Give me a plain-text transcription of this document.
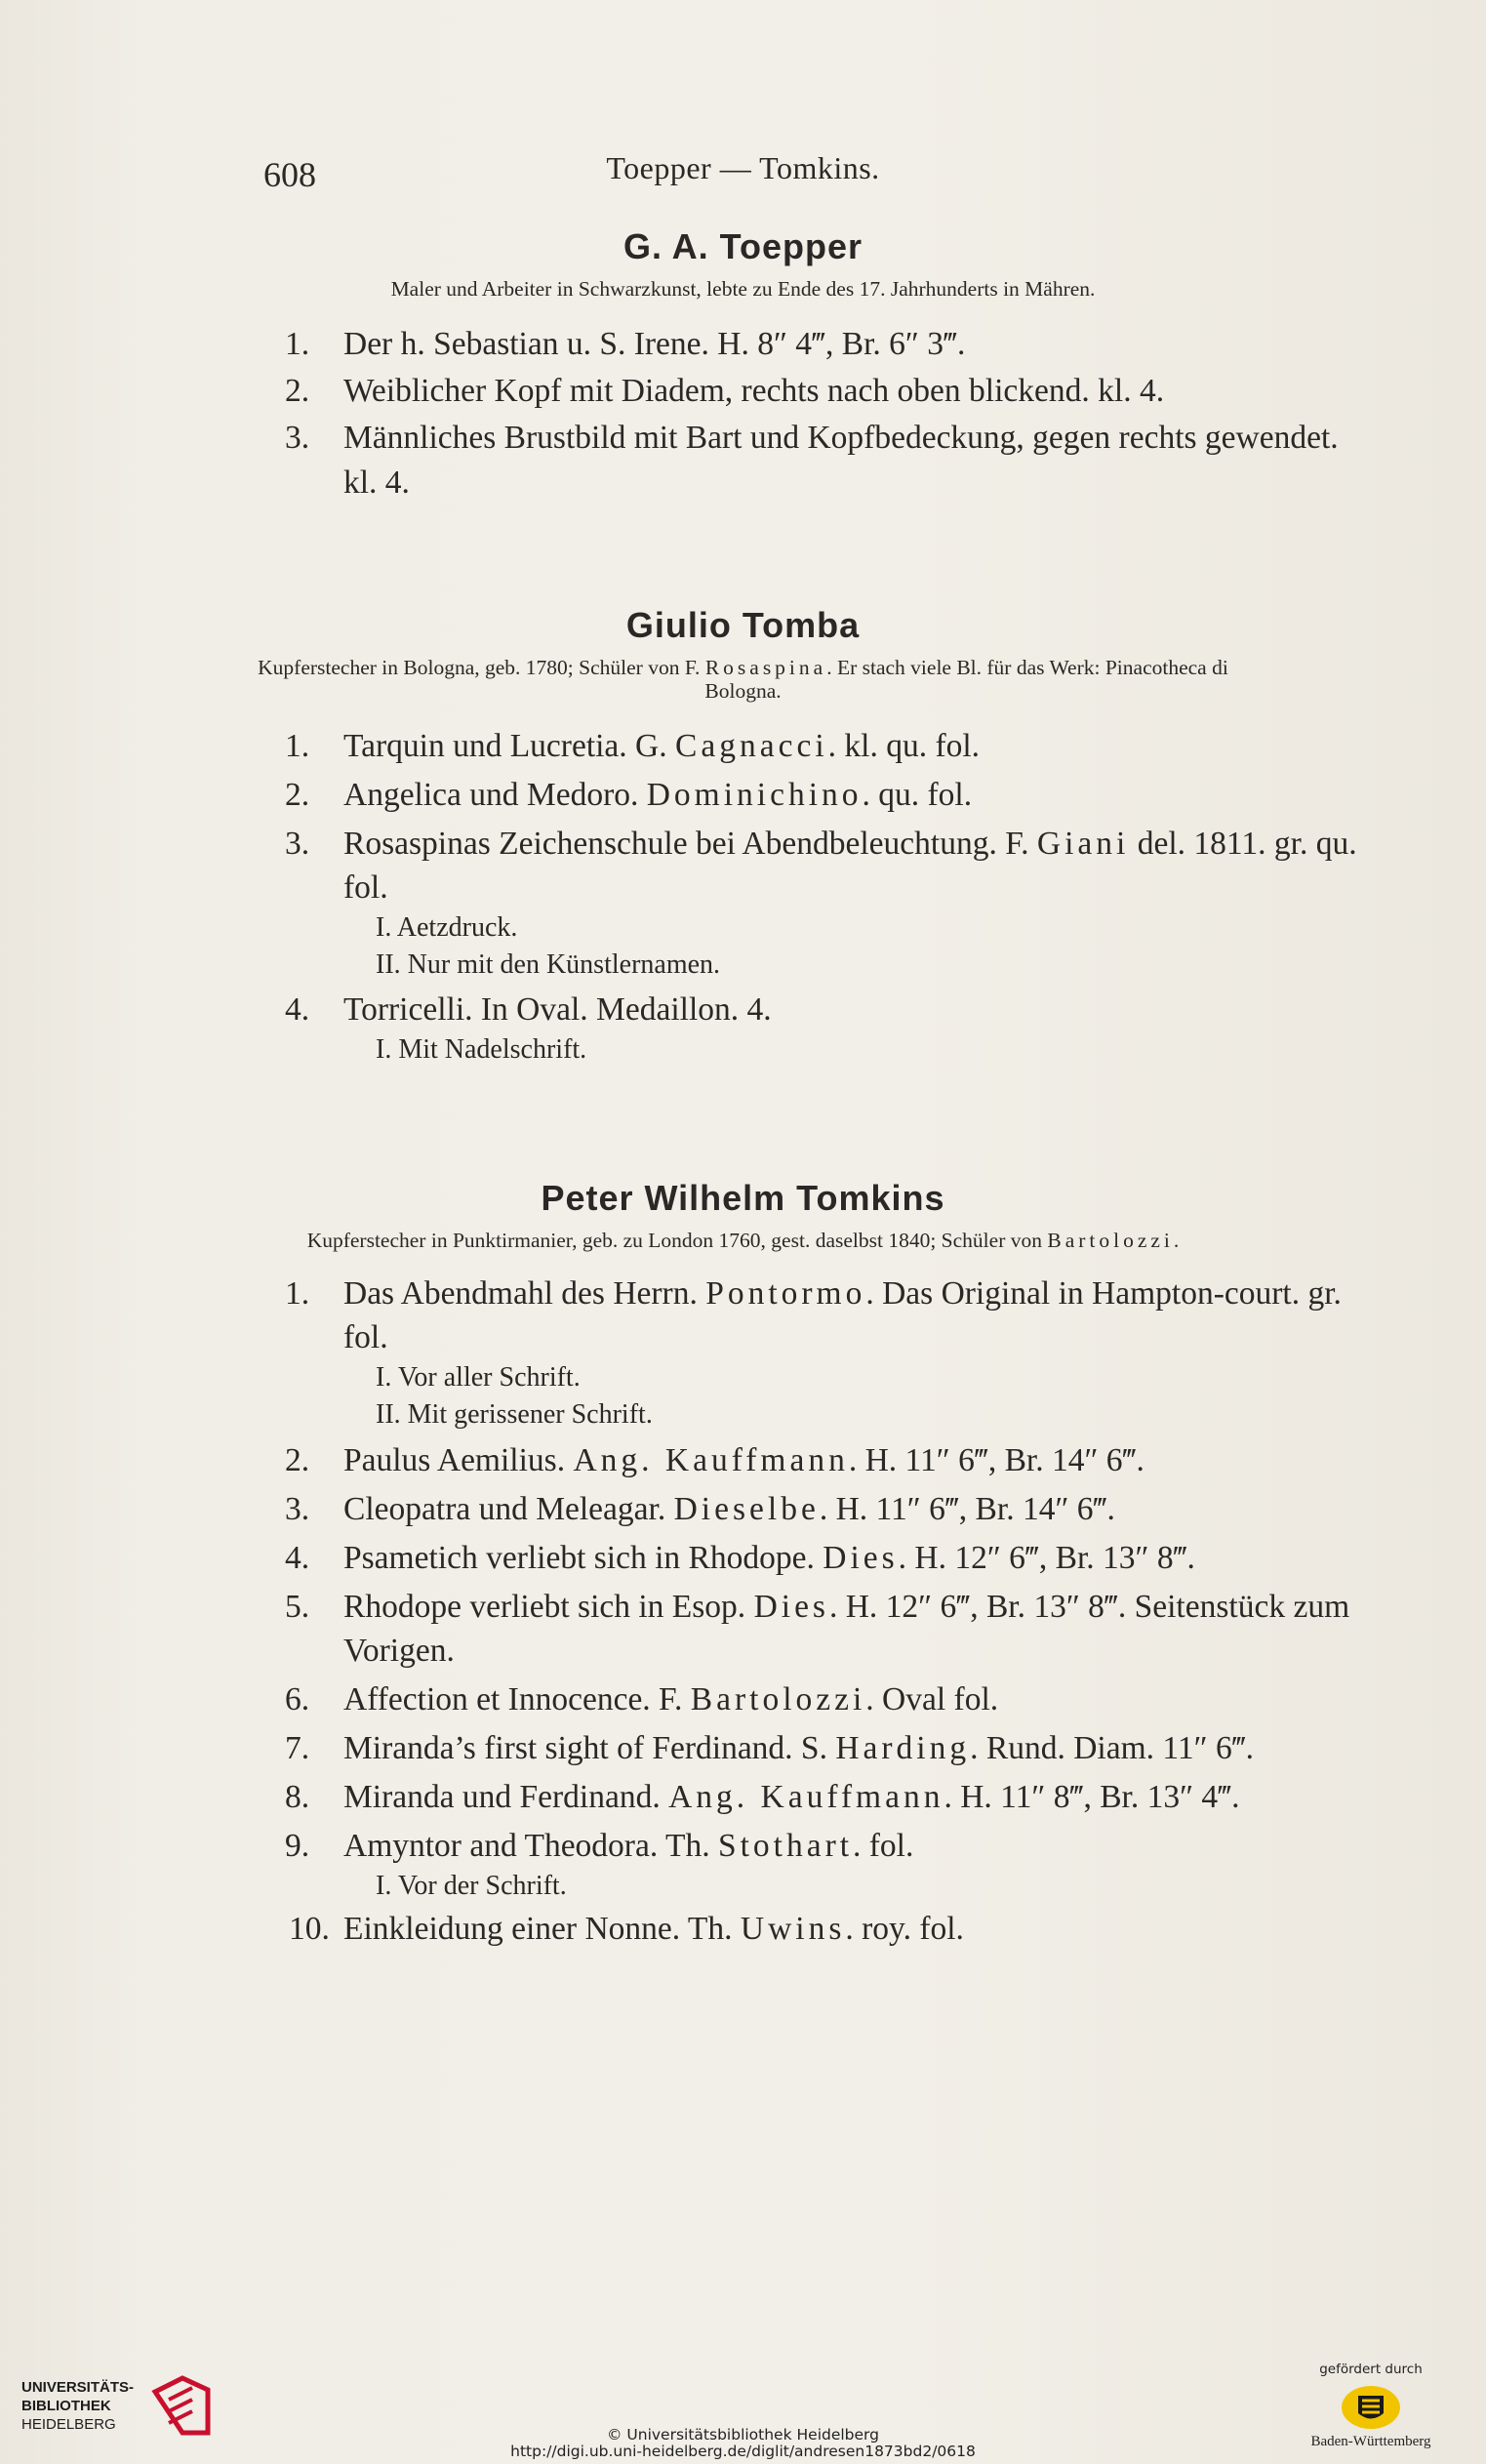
608	Toepper — Tomkins.
G. A. Toepper
Maler und Arbeiter in Schwarzkunst, lebte zu Ende des 17. Jahrhunderts in Mähren.
1. Der h. Sebastian u. S. Irene. H. 8″ 4‴, Br. 6″ 3‴.
2. Weiblicher Kopf mit Diadem, rechts nach oben blickend. kl. 4.
3. Männliches Brustbild mit Bart und Kopfbedeckung, gegen rechts gewendet. kl. 4.
Giulio Tomba
Kupferstecher in Bologna, geb. 1780; Schüler von F. Rosaspina. Er stach viele Bl. für das Werk: Pinacotheca di Bologna.
1. Tarquin und Lucretia. G. Cagnacci. kl. qu. fol.
2. Angelica und Medoro. Dominichino. qu. fol.
3. Rosaspinas Zeichenschule bei Abendbeleuchtung. F. Giani del. 1811. gr. qu. fol.
I. Aetzdruck.
II. Nur mit den Künstlernamen.
4. Torricelli. In Oval. Medaillon. 4.
I. Mit Nadelschrift.
Peter Wilhelm Tomkins
Kupferstecher in Punktirmanier, geb. zu London 1760, gest. daselbst 1840; Schüler von Bartolozzi.
1. Das Abendmahl des Herrn. Pontormo. Das Original in Hampton-court. gr. fol.
I. Vor aller Schrift.
II. Mit gerissener Schrift.
2. Paulus Aemilius. Ang. Kauffmann. H. 11″ 6‴, Br. 14″ 6‴.
3. Cleopatra und Meleagar. Dieselbe. H. 11″ 6‴, Br. 14″ 6‴.
4. Psametich verliebt sich in Rhodope. Dies. H. 12″ 6‴, Br. 13″ 8‴.
5. Rhodope verliebt sich in Esop. Dies. H. 12″ 6‴, Br. 13″ 8‴. Seitenstück zum Vorigen.
6. Affection et Innocence. F. Bartolozzi. Oval fol.
7. Miranda’s first sight of Ferdinand. S. Harding. Rund. Diam. 11″ 6‴.
8. Miranda und Ferdinand. Ang. Kauffmann. H. 11″ 8‴, Br. 13″ 4‴.
9. Amyntor and Theodora. Th. Stothart. fol.
I. Vor der Schrift.
10. Einkleidung einer Nonne. Th. Uwins. roy. fol.
UNIVERSITÄTS-
BIBLIOTHEK
HEIDELBERG
© Universitätsbibliothek Heidelberg
http://digi.ub.uni-heidelberg.de/diglit/andresen1873bd2/0618
gefördert durch
Baden-Württemberg
